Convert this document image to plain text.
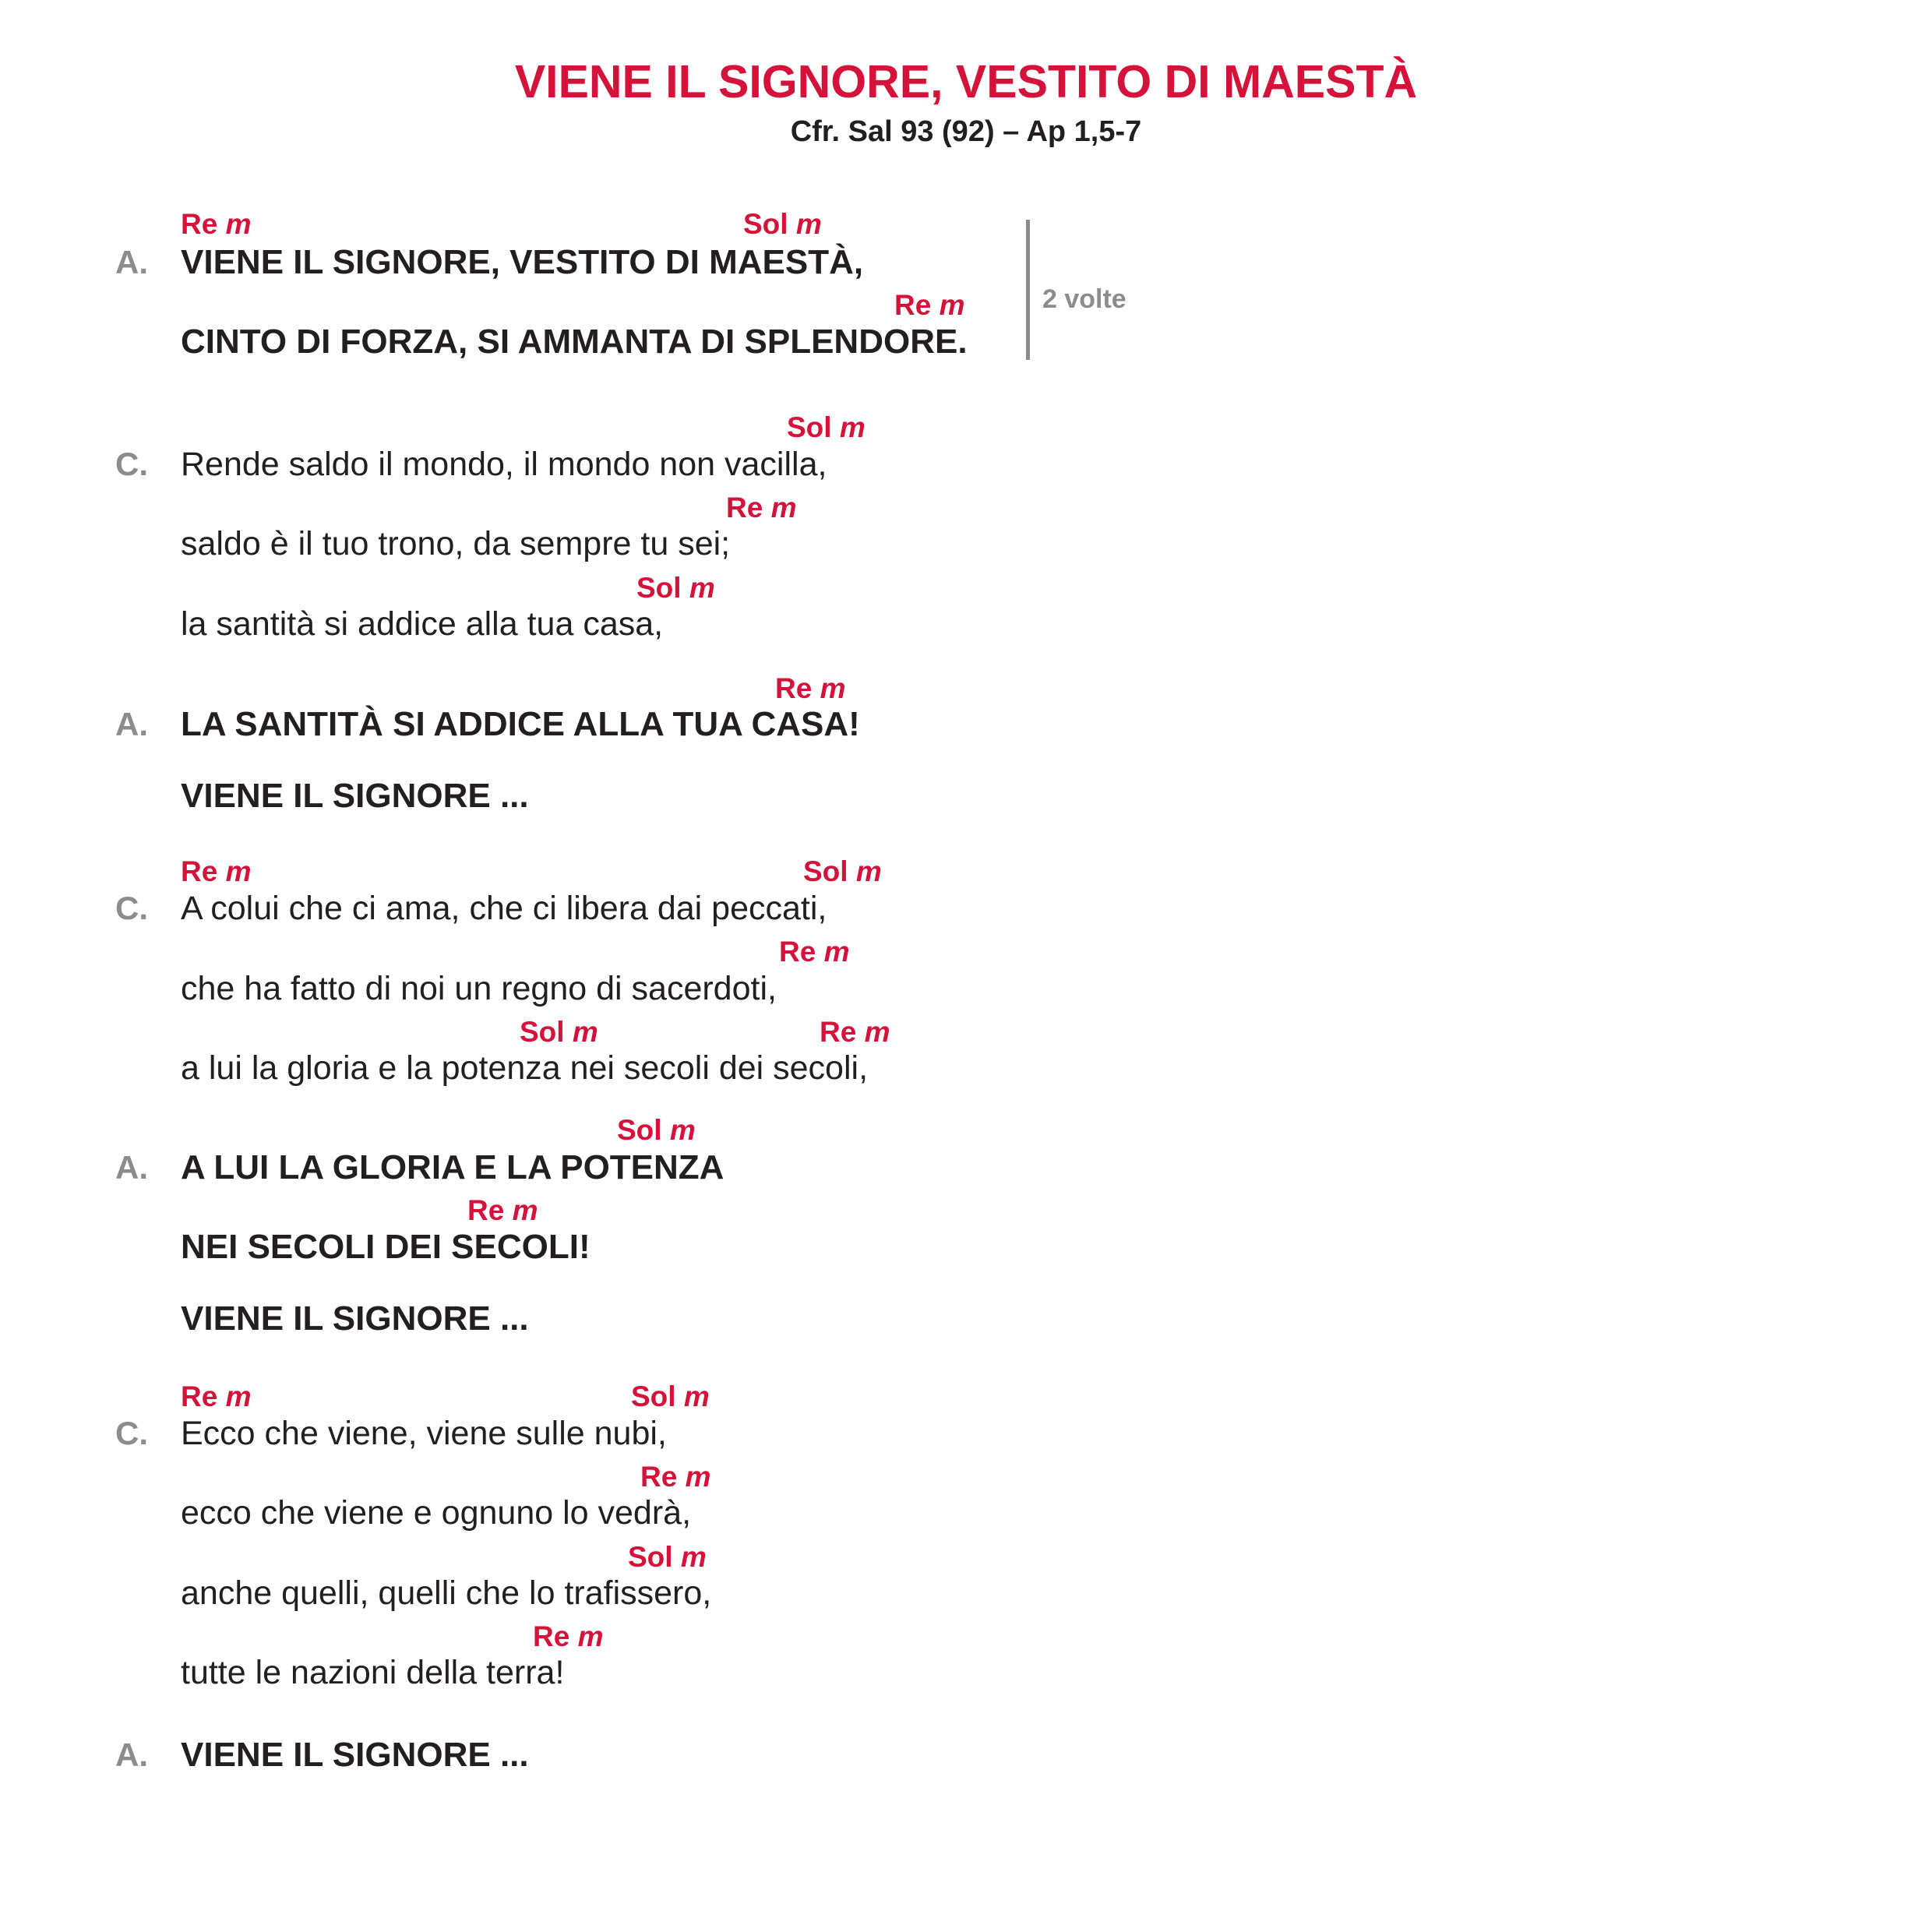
VIENE IL SIGNORE, VESTITO DI MAESTÀ
Cfr. Sal 93 (92) – Ap 1,5-7
Re m	Sol m
A. VIENE IL SIGNORE, VESTITO DI MAESTÀ,
Re m
CINTO DI FORZA, SI AMMANTA DI SPLENDORE.
2 volte
Sol m
C. Rende saldo il mondo, il mondo non vacilla,
Re m
saldo è il tuo trono, da sempre tu sei;
Sol m
la santità si addice alla tua casa,
Re m
A. LA SANTITÀ SI ADDICE ALLA TUA CASA!
VIENE IL SIGNORE ...
Re m	Sol m
C. A colui che ci ama, che ci libera dai peccati,
Re m
che ha fatto di noi un regno di sacerdoti,
Sol m	Re m
a lui la gloria e la potenza nei secoli dei secoli,
Sol m
A. A LUI LA GLORIA E LA POTENZA
Re m
NEI SECOLI DEI SECOLI!
VIENE IL SIGNORE ...
Re m	Sol m
C. Ecco che viene, viene sulle nubi,
Re m
ecco che viene e ognuno lo vedrà,
Sol m
anche quelli, quelli che lo trafissero,
Re m
tutte le nazioni della terra!
A. VIENE IL SIGNORE ...
